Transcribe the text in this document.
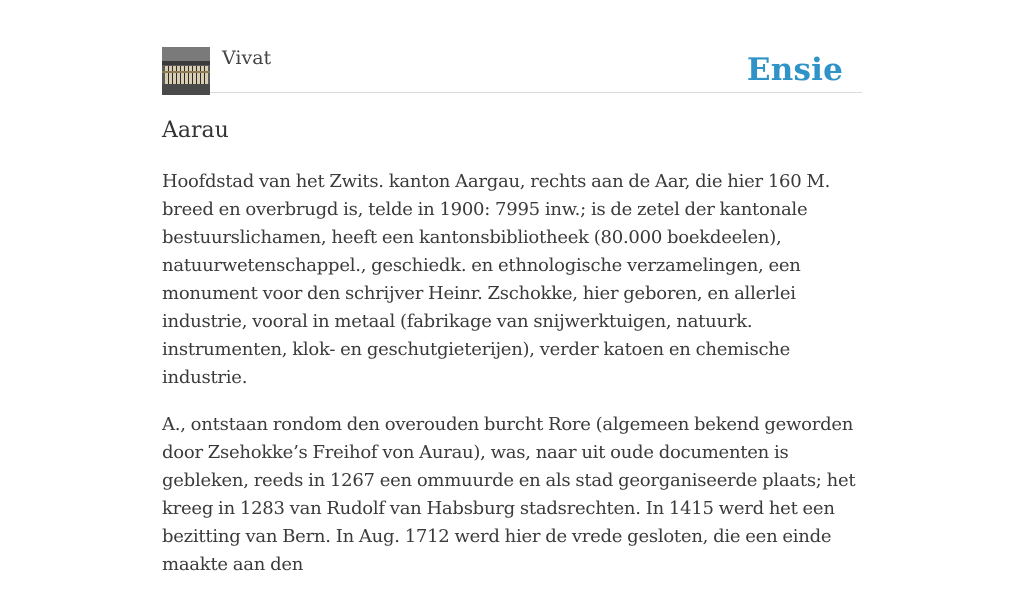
Vivat	Ensie
Aarau

Hoofdstad van het Zwits. kanton Aargau, rechts aan de Aar, die hier 160 M. breed en overbrugd is, telde in 1900: 7995 inw.; is de zetel der kantonale bestuurslichamen, heeft een kantonsbibliotheek (80.000 boekdeelen), natuurwetenschappel., geschiedk. en ethnologische verzamelingen, een monument voor den schrijver Heinr. Zschokke, hier geboren, en allerlei industrie, vooral in metaal (fabrikage van snijwerktuigen, natuurk. instrumenten, klok- en geschutgieterijen), verder katoen en chemische industrie.

A., ontstaan rondom den overouden burcht Rore (algemeen bekend geworden door Zsehokke’s Freihof von Aurau), was, naar uit oude documenten is gebleken, reeds in 1267 een ommuurde en als stad georganiseerde plaats; het kreeg in 1283 van Rudolf van Habsburg stadsrechten. In 1415 werd het een bezitting van Bern. In Aug. 1712 werd hier de vrede gesloten, die een einde maakte aan den
